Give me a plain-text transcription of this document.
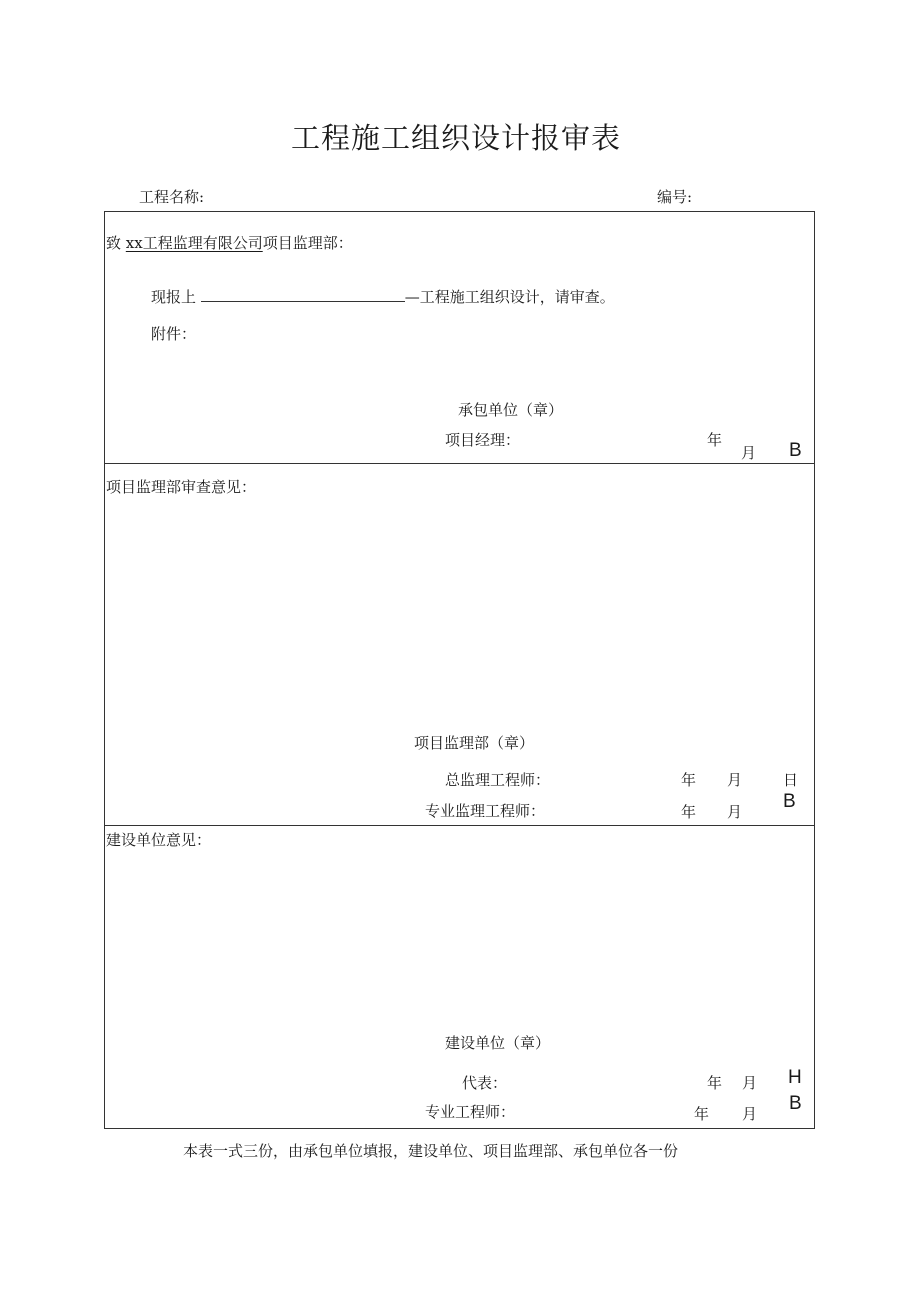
工程施工组织设计报审表
工程名称:	编号:
致 xx工程监理有限公司项目监理部：
现报上	—工程施工组织设计，请审查。
附件：
承包单位（章）
项目经理：	年
月 B
项目监理部审查意见：
项目监理部（章）
总监理工程师：	年 月	日
专业监理工程师：	年 月 B
建设单位意见：
建设单位（章）
代表：	年 月 H
专业工程师：	年 月 B
本表一式三份，由承包单位填报，建设单位、项目监理部、承包单位各一份
